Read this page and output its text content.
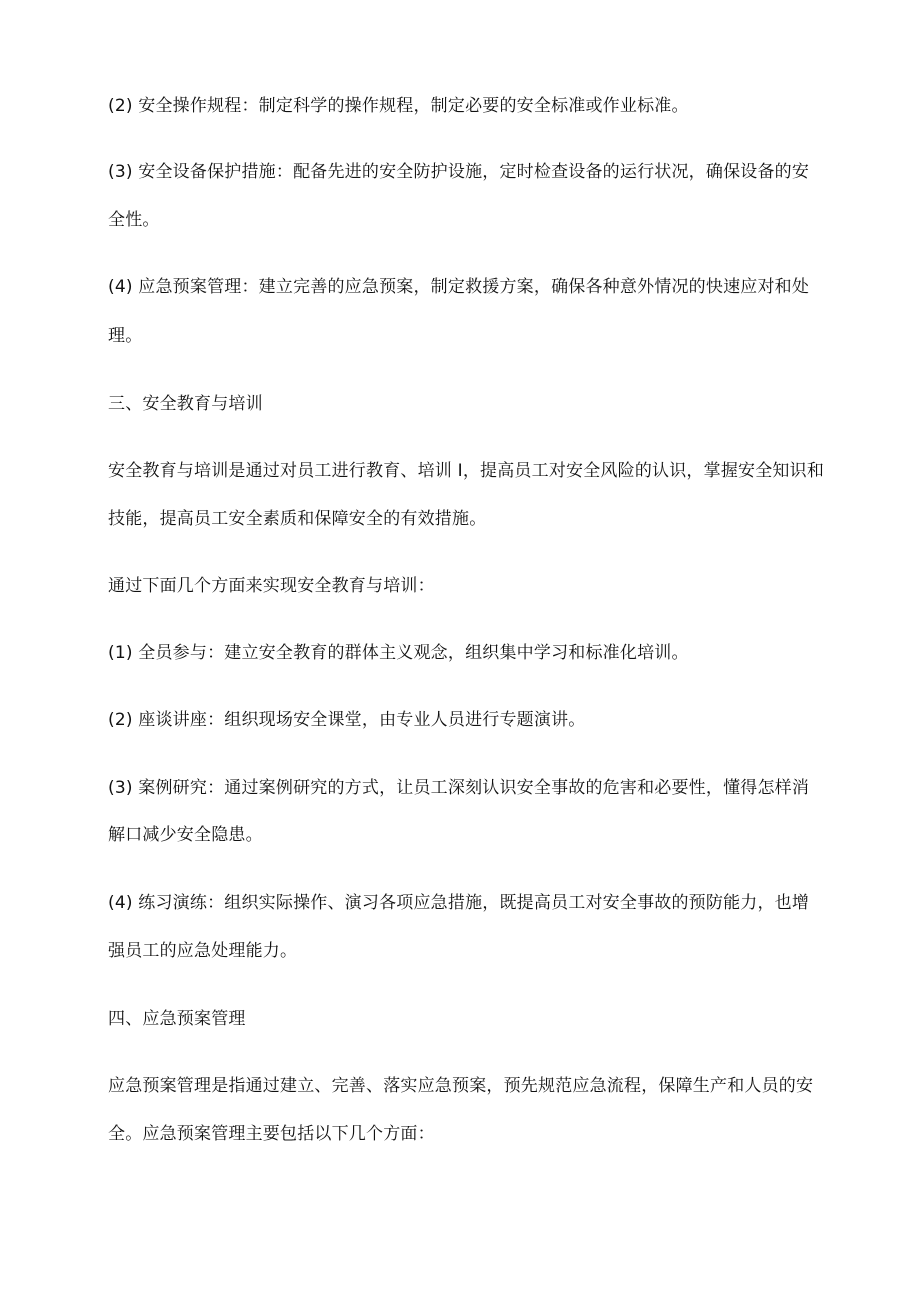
(2) 安全操作规程：制定科学的操作规程，制定必要的安全标准或作业标准。
(3) 安全设备保护措施：配备先进的安全防护设施，定时检查设备的运行状况，确保设备的安
全性。
(4) 应急预案管理：建立完善的应急预案，制定救援方案，确保各种意外情况的快速应对和处
理。
三、安全教育与培训
安全教育与培训是通过对员工进行教育、培训 I，提高员工对安全风险的认识，掌握安全知识和
技能，提高员工安全素质和保障安全的有效措施。
通过下面几个方面来实现安全教育与培训：
(1) 全员参与：建立安全教育的群体主义观念，组织集中学习和标准化培训。
(2) 座谈讲座：组织现场安全课堂，由专业人员进行专题演讲。
(3) 案例研究：通过案例研究的方式，让员工深刻认识安全事故的危害和必要性，懂得怎样消
解口减少安全隐患。
(4) 练习演练：组织实际操作、演习各项应急措施，既提高员工对安全事故的预防能力，也增
强员工的应急处理能力。
四、应急预案管理
应急预案管理是指通过建立、完善、落实应急预案，预先规范应急流程，保障生产和人员的安
全。应急预案管理主要包括以下几个方面：
